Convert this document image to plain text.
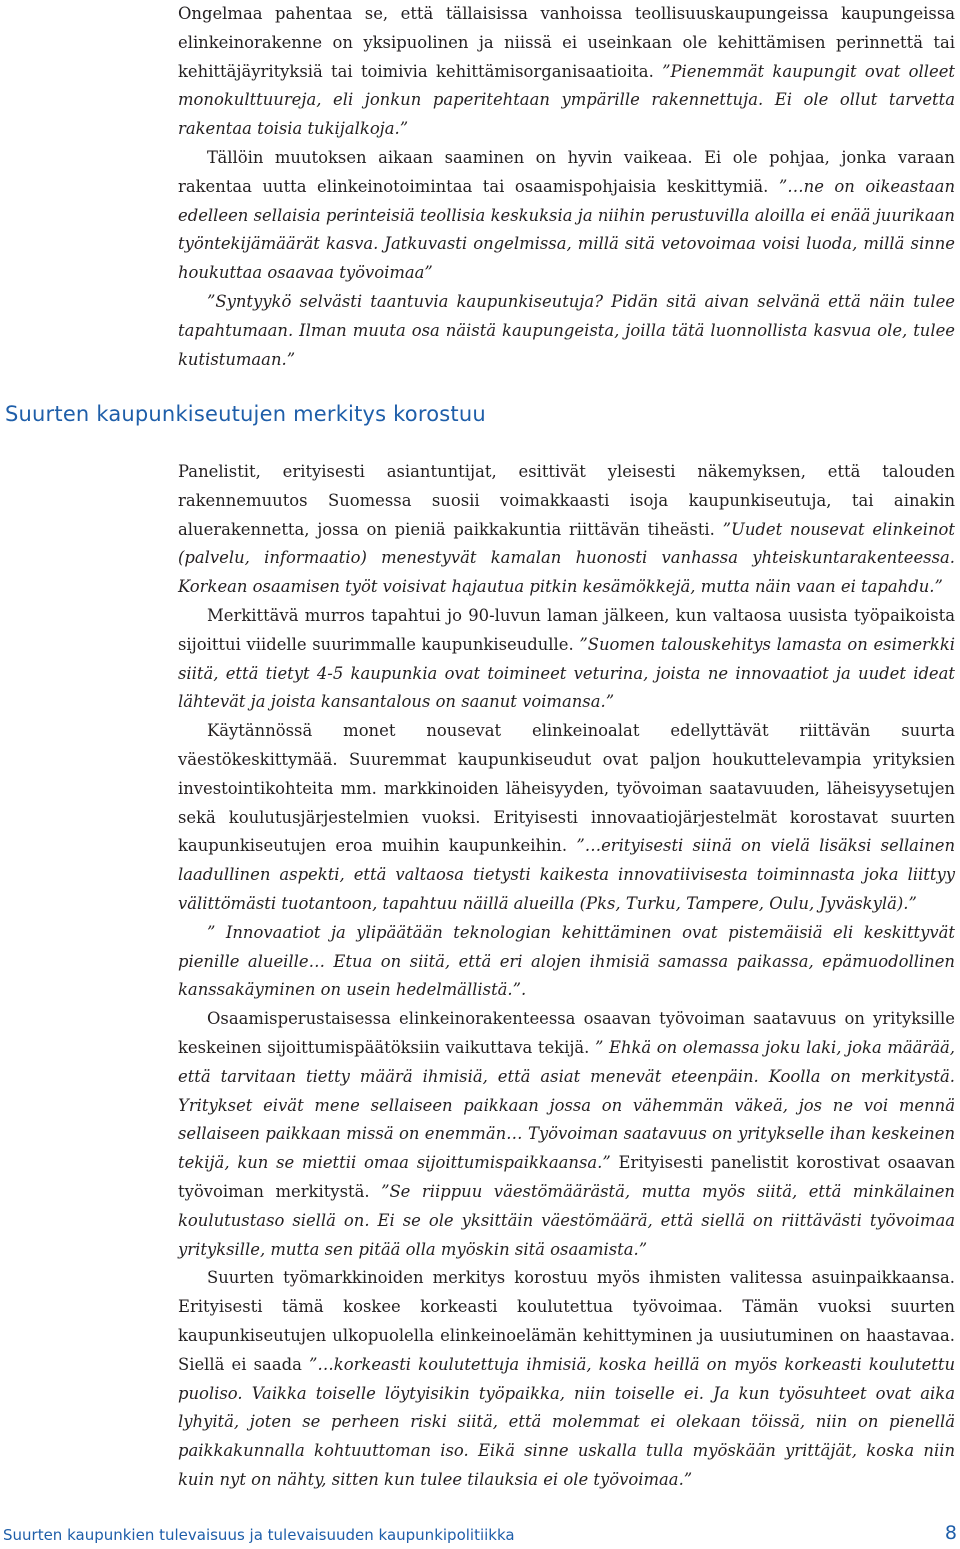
Ongelmaa pahentaa se, että tällaisissa vanhoissa teollisuuskaupungeissa kaupungeissa elinkeinorakenne on yksipuolinen ja niissä ei useinkaan ole kehittämisen perinnettä tai kehittäjäyrityksiä tai toimivia kehittämisorganisaatioita. ”Pienemmät kaupungit ovat olleet monokulttuureja, eli jonkun paperitehtaan ympärille rakennettuja. Ei ole ollut tarvetta rakentaa toisia tukijalkoja.”

Tällöin muutoksen aikaan saaminen on hyvin vaikeaa. Ei ole pohjaa, jonka varaan rakentaa uutta elinkeinotoimintaa tai osaamispohjaisia keskittymiä. ”…ne on oikeastaan edelleen sellaisia perinteisiä teollisia keskuksia ja niihin perustuvilla aloilla ei enää juurikaan työntekijämäärät kasva. Jatkuvasti ongelmissa, millä sitä vetovoimaa voisi luoda, millä sinne houkuttaa osaavaa työvoimaa”

”Syntyykö selvästi taantuvia kaupunkiseutuja? Pidän sitä aivan selvänä että näin tulee tapahtumaan. Ilman muuta osa näistä kaupungeista, joilla tätä luonnollista kasvua ole, tulee kutistumaan.”

Suurten kaupunkiseutujen merkitys korostuu

Panelistit, erityisesti asiantuntijat, esittivät yleisesti näkemyksen, että talouden rakennemuutos Suomessa suosii voimakkaasti isoja kaupunkiseutuja, tai ainakin aluerakennetta, jossa on pieniä paikkakuntia riittävän tiheästi. ”Uudet nousevat elinkeinot (palvelu, informaatio) menestyvät kamalan huonosti vanhassa yhteiskuntarakenteessa. Korkean osaamisen työt voisivat hajautua pitkin kesämökkejä, mutta näin vaan ei tapahdu.”

Merkittävä murros tapahtui jo 90-luvun laman jälkeen, kun valtaosa uusista työpaikoista sijoittui viidelle suurimmalle kaupunkiseudulle. ”Suomen talouskehitys lamasta on esimerkki siitä, että tietyt 4-5 kaupunkia ovat toimineet veturina, joista ne innovaatiot ja uudet ideat lähtevät ja joista kansantalous on saanut voimansa.”

Käytännössä monet nousevat elinkeinoalat edellyttävät riittävän suurta väestökeskittymää. Suuremmat kaupunkiseudut ovat paljon houkuttelevampia yrityksien investointikohteita mm. markkinoiden läheisyyden, työvoiman saatavuuden, läheisyysetujen sekä koulutusjärjestelmien vuoksi. Erityisesti innovaatiojärjestelmät korostavat suurten kaupunkiseutujen eroa muihin kaupunkeihin. ”…erityisesti siinä on vielä lisäksi sellainen laadullinen aspekti, että valtaosa tietysti kaikesta innovatiivisesta toiminnasta joka liittyy välittömästi tuotantoon, tapahtuu näillä alueilla (Pks, Turku, Tampere, Oulu, Jyväskylä).”

” Innovaatiot ja ylipäätään teknologian kehittäminen ovat pistemäisiä eli keskittyvät pienille alueille… Etua on siitä, että eri alojen ihmisiä samassa paikassa, epämuodollinen kanssakäyminen on usein hedelmällistä.”.

Osaamisperustaisessa elinkeinorakenteessa osaavan työvoiman saatavuus on yrityksille keskeinen sijoittumispäätöksiin vaikuttava tekijä. ” Ehkä on olemassa joku laki, joka määrää, että tarvitaan tietty määrä ihmisiä, että asiat menevät eteenpäin. Koolla on merkitystä. Yritykset eivät mene sellaiseen paikkaan jossa on vähemmän väkeä, jos ne voi mennä sellaiseen paikkaan missä on enemmän… Työvoiman saatavuus on yritykselle ihan keskeinen tekijä, kun se miettii omaa sijoittumispaikkaansa.” Erityisesti panelistit korostivat osaavan työvoiman merkitystä. ”Se riippuu väestömäärästä, mutta myös siitä, että minkälainen koulutustaso siellä on. Ei se ole yksittäin väestömäärä, että siellä on riittävästi työvoimaa yrityksille, mutta sen pitää olla myöskin sitä osaamista.”

Suurten työmarkkinoiden merkitys korostuu myös ihmisten valitessa asuinpaikkaansa. Erityisesti tämä koskee korkeasti koulutettua työvoimaa. Tämän vuoksi suurten kaupunkiseutujen ulkopuolella elinkeinoelämän kehittyminen ja uusiutuminen on haastavaa. Siellä ei saada ”…korkeasti koulutettuja ihmisiä, koska heillä on myös korkeasti koulutettu puoliso. Vaikka toiselle löytyisikin työpaikka, niin toiselle ei. Ja kun työsuhteet ovat aika lyhyitä, joten se perheen riski siitä, että molemmat ei olekaan töissä, niin on pienellä paikkakunnalla kohtuuttoman iso. Eikä sinne uskalla tulla myöskään yrittäjät, koska niin kuin nyt on nähty, sitten kun tulee tilauksia ei ole työvoimaa.”

Suurten kaupunkien tulevaisuus ja tulevaisuuden kaupunkipolitiikka	8
